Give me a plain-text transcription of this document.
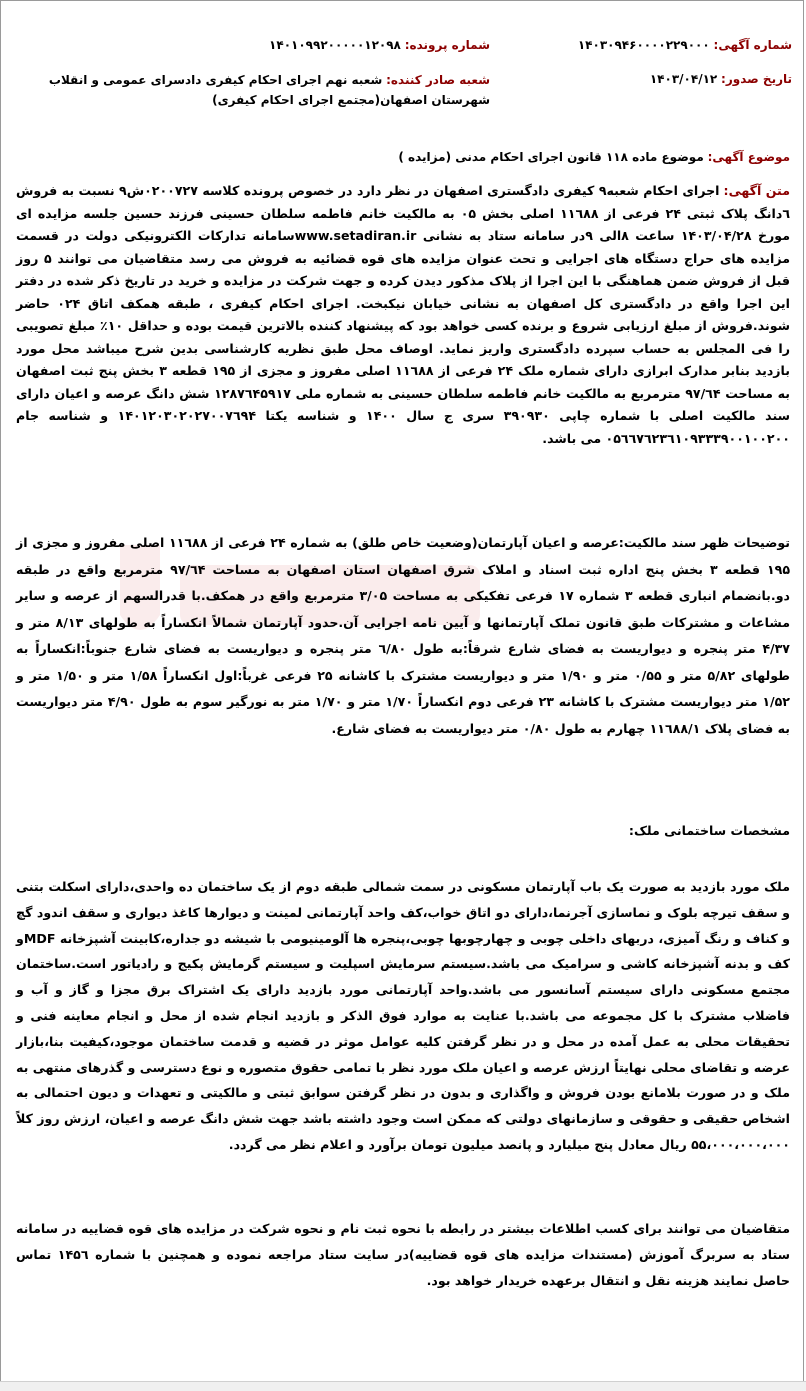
شماره آگهی: ۱۴۰۳۰۹۴۶۰۰۰۰۲۲۹۰۰۰
تاریخ صدور: ۱۴۰۳/۰۴/۱۲
شماره پرونده: ۱۴۰۱۰۹۹۲۰۰۰۰۰۱۲۰۹۸
شعبه صادر کننده: شعبه نهم اجرای احکام کیفری دادسرای عمومی و انقلاب شهرستان اصفهان(مجتمع اجرای احکام کیفری)
موضوع آگهی: موضوع ماده ۱۱۸ قانون اجرای احکام مدنی (مزایده )
متن آگهی: اجرای احکام شعبه۹ کیفری دادگستری اصفهان در نظر دارد در خصوص پرونده کلاسه ۰۲۰۰۷۲۷ش۹ نسبت به فروش ٦دانگ پلاک ثبتی ۲۴ فرعی از ۱۱٦۸۸ اصلی بخش ۰۵ به مالکیت خانم فاطمه سلطان حسینی فرزند حسین جلسه مزایده ای مورخ ۱۴۰۳/۰۴/۲۸ ساعت ۸الی ۹در سامانه ستاد به نشانی www.setadiran.irسامانه تدارکات الکترونیکی دولت در قسمت مزایده های حراج دستگاه های اجرایی و تحت عنوان مزایده های قوه قضائیه به فروش می رسد متقاضیان می توانند ۵ روز قبل از فروش ضمن هماهنگی با این اجرا از پلاک مذکور دیدن کرده و جهت شرکت در مزایده و خرید در تاریخ ذکر شده در دفتر این اجرا واقع در دادگستری کل اصفهان به نشانی خیابان نیکبخت. اجرای احکام کیفری ، طبقه همکف اتاق ۰۲۴ حاضر شوند.فروش از مبلغ ارزیابی شروع و برنده کسی خواهد بود که پیشنهاد کننده بالاترین قیمت بوده و حداقل ۱۰٪ مبلغ تصویبی را فی المجلس به حساب سپرده دادگستری واریز نماید. اوصاف محل طبق نظریه کارشناسی بدین شرح میباشد محل مورد بازدید بنابر مدارک ابرازی دارای شماره ملک ۲۴ فرعی از ۱۱٦۸۸ اصلی مفروز و مجزی از ۱۹۵ قطعه ۳ بخش پنج ثبت اصفهان به مساحت ۹۷/٦۴ مترمربع به مالکیت خانم فاطمه سلطان حسینی به شماره ملی ۱۲۸۷٦۴۵۹۱۷ شش دانگ عرصه و اعیان دارای سند مالکیت اصلی با شماره چاپی ۳۹۰۹۳۰ سری ج سال ۱۴۰۰ و شناسه یکتا ۱۴۰۱۲۰۳۰۲۰۲۷۰۰۷٦۹۴ و شناسه جام ۰۵٦٦۷٦۲۳٦۱۰۹۳۳۳۹۰۰۱۰۰۲۰۰ می باشد.
توضیحات ظهر سند مالکیت:عرصه و اعیان آپارتمان(وضعیت خاص طلق) به شماره ۲۴ فرعی از ۱۱٦۸۸ اصلی مفروز و مجزی از ۱۹۵ قطعه ۳ بخش پنج اداره ثبت اسناد و املاک شرق اصفهان استان اصفهان به مساحت ۹۷/٦۴ مترمربع واقع در طبقه دو.بانضمام انباری قطعه ۳ شماره ۱۷ فرعی تفکیکی به مساحت ۳/۰۵ مترمربع واقع در همکف.با قدرالسهم از عرصه و سایر مشاعات و مشترکات طبق قانون تملک آپارتمانها و آیین نامه اجرایی آن.حدود آپارتمان شمالاً انکساراً به طولهای ۸/۱۳ متر و ۴/۳۷ متر پنجره و دیواریست به فضای شارع شرقاً:به طول ٦/۸۰ متر پنجره و دیواریست به فضای شارع جنوباً:انکساراً به طولهای ۵/۸۲ متر و ۰/۵۵ متر و ۱/۹۰ متر و دیواریست مشترک با کاشانه ۲۵ فرعی غرباً:اول انکساراً ۱/۵۸ متر و ۱/۵۰ متر و ۱/۵۲ متر دیواریست مشترک با کاشانه ۲۳ فرعی دوم انکساراً ۱/۷۰ متر و ۱/۷۰ متر به نورگیر سوم به طول ۴/۹۰ متر دیواریست به فضای پلاک ۱۱٦۸۸/۱ چهارم به طول ۰/۸۰ متر دیواریست به فضای شارع.
مشخصات ساختمانی ملک:
ملک مورد بازدید به صورت یک باب آپارتمان مسکونی در سمت شمالی طبقه دوم از یک ساختمان ده واحدی،دارای اسکلت بتنی و سقف تیرچه بلوک و نماسازی آجرنما،دارای دو اتاق خواب،کف واحد آپارتمانی لمینت و دیوارها کاغذ دیواری و سقف اندود گچ و کناف و رنگ آمیزی، دربهای داخلی چوبی و چهارچوبها چوبی،پنجره ها آلومینیومی با شیشه دو جداره،کابینت آشپزخانه MDFو کف و بدنه آشپزخانه کاشی و سرامیک می باشد.سیستم سرمایش اسپلیت و سیستم گرمایش پکیج و رادیاتور است.ساختمان مجتمع مسکونی دارای سیستم آسانسور می باشد.واحد آپارتمانی مورد بازدید دارای یک اشتراک برق مجزا و گاز و آب و فاضلاب مشترک با کل مجموعه می باشد.با عنایت به موارد فوق الذکر و بازدید انجام شده از محل و انجام معاینه فنی و تحقیقات محلی به عمل آمده در محل و در نظر گرفتن کلیه عوامل موثر در قضیه و قدمت ساختمان موجود،کیفیت بنا،بازار عرضه و تقاضای محلی نهایتاً ارزش عرصه و اعیان ملک مورد نظر با تمامی حقوق متصوره و نوع دسترسی و گذرهای منتهی به ملک و در صورت بلامانع بودن فروش و واگذاری و بدون در نظر گرفتن سوابق ثبتی و مالکیتی و تعهدات و دیون احتمالی به اشخاص حقیقی و حقوقی و سازمانهای دولتی که ممکن است وجود داشته باشد جهت شش دانگ عرصه و اعیان، ارزش روز کلاً ۵۵،۰۰۰،۰۰۰،۰۰۰ ریال معادل پنج میلیارد و پانصد میلیون تومان برآورد و اعلام نظر می گردد.
متقاضیان می توانند برای کسب اطلاعات بیشتر در رابطه با نحوه ثبت نام و نحوه شرکت در مزایده های قوه قضاییه در سامانه ستاد به سربرگ آموزش (مستندات مزایده های قوه قضاییه)در سایت ستاد مراجعه نموده و همچنین با شماره ۱۴۵٦ تماس حاصل نمایند هزینه نقل و انتقال برعهده خریدار خواهد بود.
